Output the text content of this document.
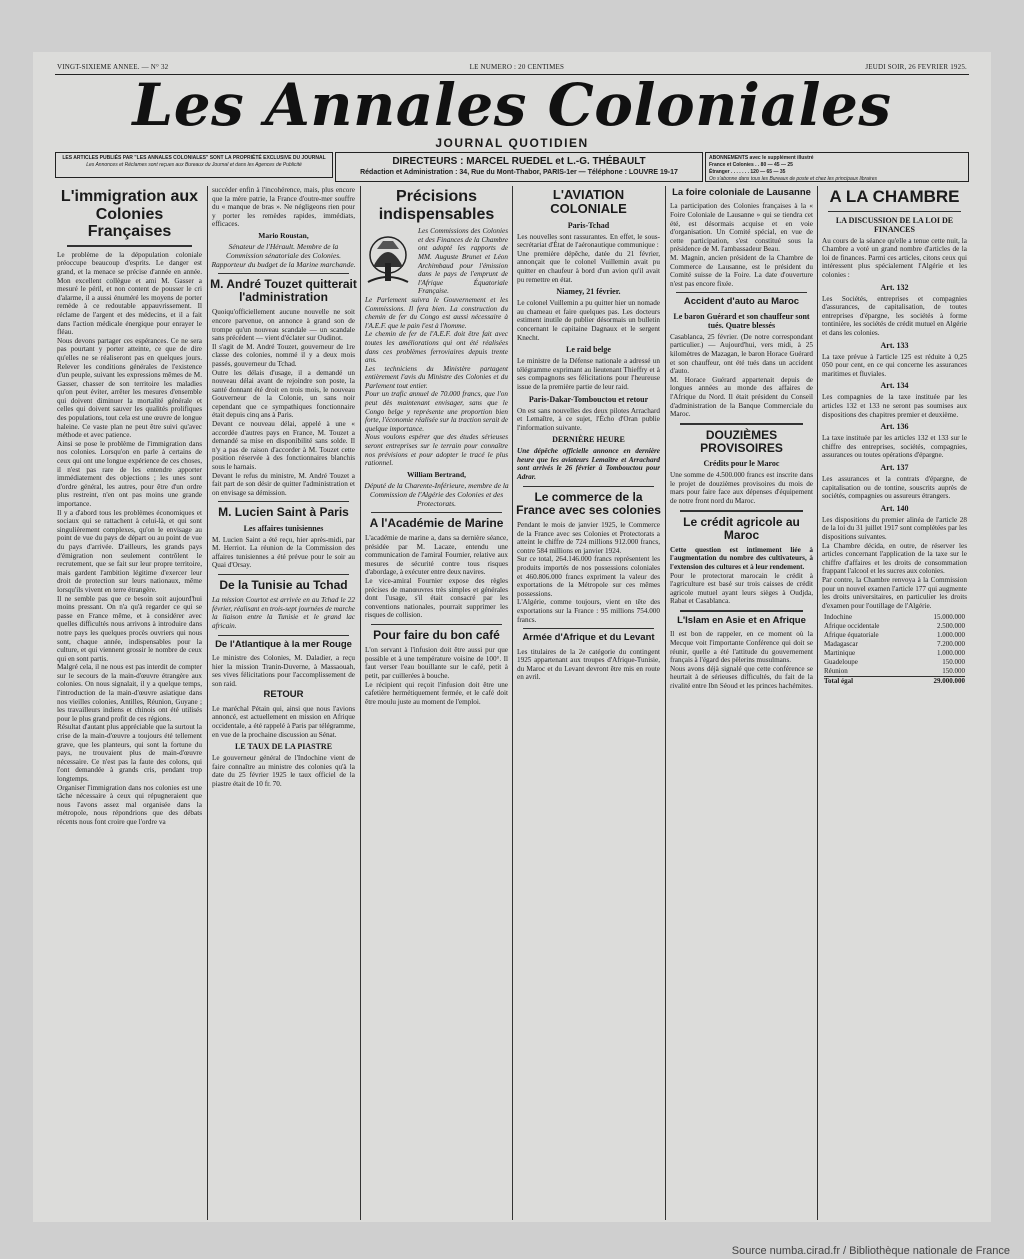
VINGT-SIXIEME ANNEE. — N° 32	LE NUMERO : 20 CENTIMES	JEUDI SOIR, 26 FEVRIER 1925.
Les Annales Coloniales
JOURNAL QUOTIDIEN
LES ARTICLES PUBLIÉS PAR "LES ANNALES COLONIALES" SONT LA PROPRIÉTÉ EXCLUSIVE DU JOURNAL
Les Annonces et Réclames sont reçues aux Bureaux du Journal et dans les Agences de Publicité	DIRECTEURS : MARCEL RUEDEL et L.-G. THÉBAULT
Rédaction et Administration : 34, Rue du Mont-Thabor, PARIS-1er — Téléphone : LOUVRE 19-17
ABONNEMENTS avec le supplément illustré
France et Colonies . . 80 — 45 — 25
Étranger . . . . . . . 120 — 65 — 35
On s'abonne dans tous les Bureaux de poste et chez les principaux libraires
L'immigration aux Colonies Françaises

Le problème de la dépopulation coloniale préoccupe beaucoup d'esprits. Le danger est grand, et la menace se précise d'année en année. Mon excellent collègue et ami M. Gasser a mesuré le péril, et non content de pousser le cri d'alarme, il a aussi énuméré les moyens de porter remède à ce redoutable appauvrissement. Il réclame de l'argent et des médecins, et il a fait dans l'action médicale énergique pour enrayer le fléau.

Nous devons partager ces espérances. Ce ne sera pas pourtant y porter atteinte, ce que de dire qu'elles ne se réaliseront pas en quelques jours. Relever les conditions générales de l'existence d'un peuple, suivant les expressions mêmes de M. Gasser, chasser de son territoire les maladies qu'on peut éviter, arrêter les mesures d'ensemble qui doivent diminuer la mortalité générale et celles qui doivent sauver les qualités prolifiques des populations, tout cela est une œuvre de longue haleine. Ce vaste plan ne peut être suivi qu'avec méthode et avec patience.

Ainsi se pose le problème de l'immigration dans nos colonies. Lorsqu'on en parle à certains de ceux qui ont une longue expérience de ces choses, il n'est pas rare de les entendre apporter immédiatement des objections ; les unes sont d'ordre général, les autres, pour être d'un ordre plus restreint, n'en ont pas moins une grande importance.

Il y a d'abord tous les problèmes économiques et sociaux qui se rattachent à celui-là, et qui sont singulièrement complexes, qu'on le envisage au point de vue du pays de départ ou au point de vue du pays d'arrivée. D'ailleurs, les grands pays d'émigration non seulement contrôlent le recrutement, que se fait sur leur propre territoire, mais gardent l'ambition légitime d'exercer leur droit de protection sur leurs nationaux, même lorsqu'ils vivent en terre étrangère.

Il ne semble pas que ce besoin soit aujourd'hui moins pressant. On n'a qu'à regarder ce qui se passe en France même, et à considérer avec quelles difficultés nous arrivons à introduire dans notre pays les quelques procès ouvriers qui nous sont, chaque année, indispensables pour la culture, et qui viennent grossir le nombre de ceux qui en sont partis.

Malgré cela, il ne nous est pas interdit de compter sur le secours de la main-d'œuvre étrangère aux colonies. On nous signalait, il y a quelque temps, l'introduction de la main-d'œuvre asiatique dans nos vieilles colonies, Antilles, Réunion, Guyane ; les travailleurs indiens et chinois ont été utilisés pour le plus grand profit de ces régions.

Résultat d'autant plus appréciable que la surtout la crise de la main-d'œuvre a toujours été tellement grave, que les planteurs, qui sont la fortune du pays, ne trouvaient plus de main-d'œuvre nécessaire. Ce n'est pas la faute des colons, qui l'ont demandée à grands cris, pendant trop longtemps.

Organiser l'immigration dans nos colonies est une tâche nécessaire à ceux qui répugneraient que nous l'avons assez mal organisée dans la métropole, nous répondrions que des débats récents nous font croire que l'ordre va

succéder enfin à l'incohérence, mais, plus encore que la mère patrie, la France d'outre-mer souffre du « manque de bras ». Ne négligeons rien pour y porter les remèdes rapides, immédiats, efficaces.

Mario Roustan,
Sénateur de l'Hérault. Membre de la Commission sénatoriale des Colonies. Rapporteur du budget de la Marine marchande.
M. André Touzet quitterait l'administration

Quoiqu'officiellement aucune nouvelle ne soit encore parvenue, on annonce à grand son de trompe qu'un nouveau scandale — un scandale sans précédent — vient d'éclater sur Oudinot.

Il s'agit de M. André Touzet, gouverneur de 1re classe des colonies, nommé il y a deux mois passés, gouverneur du Tchad.

Outre les délais d'usage, il a demandé un nouveau délai avant de rejoindre son poste, la santé donnant été droit en trois mois, le nouveau Gouverneur de la Colonie, un sans noir cependant que ce sympathiques fonctionnaire était depuis cinq ans à Paris.

Devant ce nouveau délai, appelé à une « accordée d'autres pays en France, M. Touzet a demandé sa mise en disponibilité sans solde. Il n'y a pas de raison d'accorder à M. Touzet cette position réservée à des fonctionnaires blanchis sous le harnais.

Devant le refus du ministre, M. André Touzet a fait part de son désir de quitter l'administration et on envisage sa démission.

M. Lucien Saint à Paris
Les affaires tunisiennes

M. Lucien Saint a été reçu, hier après-midi, par M. Herriot. La réunion de la Commission des affaires tunisiennes a été prévue pour le soir au Quai d'Orsay.

De la Tunisie au Tchad

La mission Courtot est arrivée en au Tchad le 22 février, réalisant en trois-sept journées de marche la liaison entre la Tunisie et le grand lac africain.

De l'Atlantique à la mer Rouge

Le ministre des Colonies, M. Daladier, a reçu hier la mission Tranin-Duverne, à Massaouah, ses vives félicitations pour l'accomplissement de son raid.

RETOUR

Le maréchal Pétain qui, ainsi que nous l'avions annoncé, est actuellement en mission en Afrique occidentale, a été rappelé à Paris par télégramme, en vue de la prochaine discussion au Sénat.

LE TAUX DE LA PIASTRE

Le gouverneur général de l'Indochine vient de faire connaître au ministre des colonies qu'à la date du 25 février 1925 le taux officiel de la piastre était de 10 fr. 70.

Précisions indispensables

Les Commissions des Colonies et des Finances de la Chambre ont adopté les rapports de MM. Auguste Brunet et Léon Archimbaud pour l'émission dans le pays de l'emprunt de l'Afrique Équatoriale Française.

Le Parlement suivra le Gouvernement et les Commissions. Il fera bien. La construction du chemin de fer du Congo est aussi nécessaire à l'A.E.F. que le pain l'est à l'homme.

Le chemin de fer de l'A.E.F. doit être fait avec toutes les améliorations qui ont été réalisées dans ces problèmes ferroviaires depuis trente ans.

Les techniciens du Ministère partagent entièrement l'avis du Ministre des Colonies et du Parlement tout entier.

Pour un trafic annuel de 70.000 francs, que l'on peut dès maintenant envisager, sans que le Congo belge y représente une proportion bien forte, l'économie réalisée sur la traction serait de quelque importance.

Nous voulons espérer que des études sérieuses seront entreprises sur le terrain pour connaître nos prévisions et pour adopter le tracé le plus rationnel.

William Bertrand,
Député de la Charente-Inférieure, membre de la Commission de l'Algérie des Colonies et des Protectorats.
A l'Académie de Marine

L'académie de marine a, dans sa dernière séance, présidée par M. Lacaze, entendu une communication de l'amiral Fournier, relative aux mesures de sécurité contre tous risques d'abordage, à exécuter entre deux navires.

Le vice-amiral Fournier expose des règles précises de manœuvres très simples et générales dont l'usage, s'il était consacré par les conventions nationales, pourrait supprimer les risques de collision.

Pour faire du bon café

L'on servant à l'infusion doit être aussi pur que possible et à une température voisine de 100°. Il faut verser l'eau bouillante sur le café, petit à petit, par cuillerées à bouche.

Le récipient qui reçoit l'infusion doit être une cafetière hermétiquement fermée, et le café doit être moulu juste au moment de l'emploi.

L'AVIATION COLONIALE
Paris-Tchad

Les nouvelles sont rassurantes. En effet, le sous-secrétariat d'État de l'aéronautique communique :

Une première dépêche, datée du 21 février, annonçait que le colonel Vuillemin avait pu quitter en chaufeur à bord d'un avion qu'il avait pu remettre en état.

Niamey, 21 février.

Le colonel Vuillemin a pu quitter hier un nomade au chameau et faire quelques pas. Les docteurs estiment inutile de publier désormais un bulletin concernant le capitaine Dagnaux et le sergent Knecht.

Le raid belge

Le ministre de la Défense nationale a adressé un télégramme exprimant au lieutenant Thieffry et à ses compagnons ses félicitations pour l'heureuse issue de la première partie de leur raid.

Paris-Dakar-Tombouctou et retour

On est sans nouvelles des deux pilotes Arrachard et Lemaître, à ce sujet, l'Écho d'Oran publie l'information suivante.

DERNIÈRE HEURE

Une dépêche officielle annonce en dernière heure que les aviateurs Lemaître et Arrachard sont arrivés le 26 février à Tombouctou pour Adrar.

Le commerce de la France avec ses colonies

Pendant le mois de janvier 1925, le Commerce de la France avec ses Colonies et Protectorats a atteint le chiffre de 724 millions 912.000 francs, contre 584 millions en janvier 1924.

Sur ce total, 264.146.000 francs représentent les produits importés de nos possessions coloniales et 460.806.000 francs expriment la valeur des exportations de la Métropole sur ces mêmes possessions.

L'Algérie, comme toujours, vient en tête des exportations sur la France : 95 millions 754.000 francs.

Armée d'Afrique et du Levant

Les titulaires de la 2e catégorie du contingent 1925 appartenant aux troupes d'Afrique-Tunisie, du Maroc et du Levant devront être mis en route en avril.

La foire coloniale de Lausanne

La participation des Colonies françaises à la « Foire Coloniale de Lausanne » qui se tiendra cet été, est désormais acquise et en voie d'organisation. Un Comité spécial, en vue de cette participation, s'est constitué sous la présidence de M. l'ambassadeur Beau.

M. Magnin, ancien président de la Chambre de Commerce de Lausanne, est le président du Comité suisse de la Foire. La date d'ouverture n'est pas encore fixée.

Accident d'auto au Maroc
Le baron Guérard et son chauffeur sont tués. Quatre blessés

Casablanca, 25 février. (De notre correspondant particulier.) — Aujourd'hui, vers midi, à 25 kilomètres de Mazagan, le baron Horace Guérard et son chauffeur, ont été tués dans un accident d'auto.

M. Horace Guérard appartenait depuis de longues années au monde des affaires de l'Afrique du Nord. Il était président du Conseil d'administration de la Banque Commerciale du Maroc.

DOUZIÈMES PROVISOIRES
Crédits pour le Maroc

Une somme de 4.500.000 francs est inscrite dans le projet de douzièmes provisoires du mois de mars pour faire face aux dépenses d'équipement de notre front nord du Maroc.

Le crédit agricole au Maroc

Cette question est intimement liée à l'augmentation du nombre des cultivateurs, à l'extension des cultures et à leur rendement.

Pour le protectorat marocain le crédit à l'agriculture est basé sur trois caisses de crédit agricole mutuel ayant leurs sièges à Oudjda, Rabat et Casablanca.

L'Islam en Asie et en Afrique

Il est bon de rappeler, en ce moment où la Mecque voit l'importante Conférence qui doit se réunir, quelle a été l'attitude du gouvernement français à l'égard des pèlerins musulmans.

Nous avons déjà signalé que cette conférence se heurtait à de sérieuses difficultés, du fait de la rivalité entre Ibn Séoud et les princes hachémites.

A LA CHAMBRE
LA DISCUSSION DE LA LOI DE FINANCES

Au cours de la séance qu'elle a tenue cette nuit, la Chambre a voté un grand nombre d'articles de la loi de finances. Parmi ces articles, citons ceux qui intéressent plus spécialement l'Algérie et les colonies :

Art. 132

Les Sociétés, entreprises et compagnies d'assurances, de capitalisation, de toutes entreprises d'épargne, les sociétés à forme tontinière, les sociétés de crédit mutuel en Algérie et dans les colonies.

Art. 133

La taxe prévue à l'article 125 est réduite à 0,25 050 pour cent, en ce qui concerne les assurances maritimes et fluviales.

Art. 134

Les compagnies de la taxe instituée par les articles 132 et 133 ne seront pas soumises aux dispositions des chapitres premier et deuxième.

Art. 136

La taxe instituée par les articles 132 et 133 sur le chiffre des entreprises, sociétés, compagnies, assurances ou toutes opérations d'épargne.

Art. 137

Les assurances et la contrats d'épargne, de capitalisation ou de tontine, souscrits auprès de sociétés, compagnies ou assureurs étrangers.

Art. 140

Les dispositions du premier alinéa de l'article 28 de la loi du 31 juillet 1917 sont complétées par les dispositions suivantes.

La Chambre décida, en outre, de réserver les articles concernant l'application de la taxe sur le chiffre d'affaires et les droits de consommation frappant l'alcool et les sucres aux colonies.

Par contre, la Chambre renvoya à la Commission pour un nouvel examen l'article 177 qui augmente les droits universitaires, en particulier les droits d'examen pour l'outillage de l'Algérie.

Indochine	15.000.000
Afrique occidentale	2.500.000
Afrique équatoriale	1.000.000
Madagascar	7.200.000
Martinique	1.000.000
Guadeloupe	150.000
Réunion	150.000
Total égal	29.000.000
Source numba.cirad.fr / Bibliothèque nationale de France
